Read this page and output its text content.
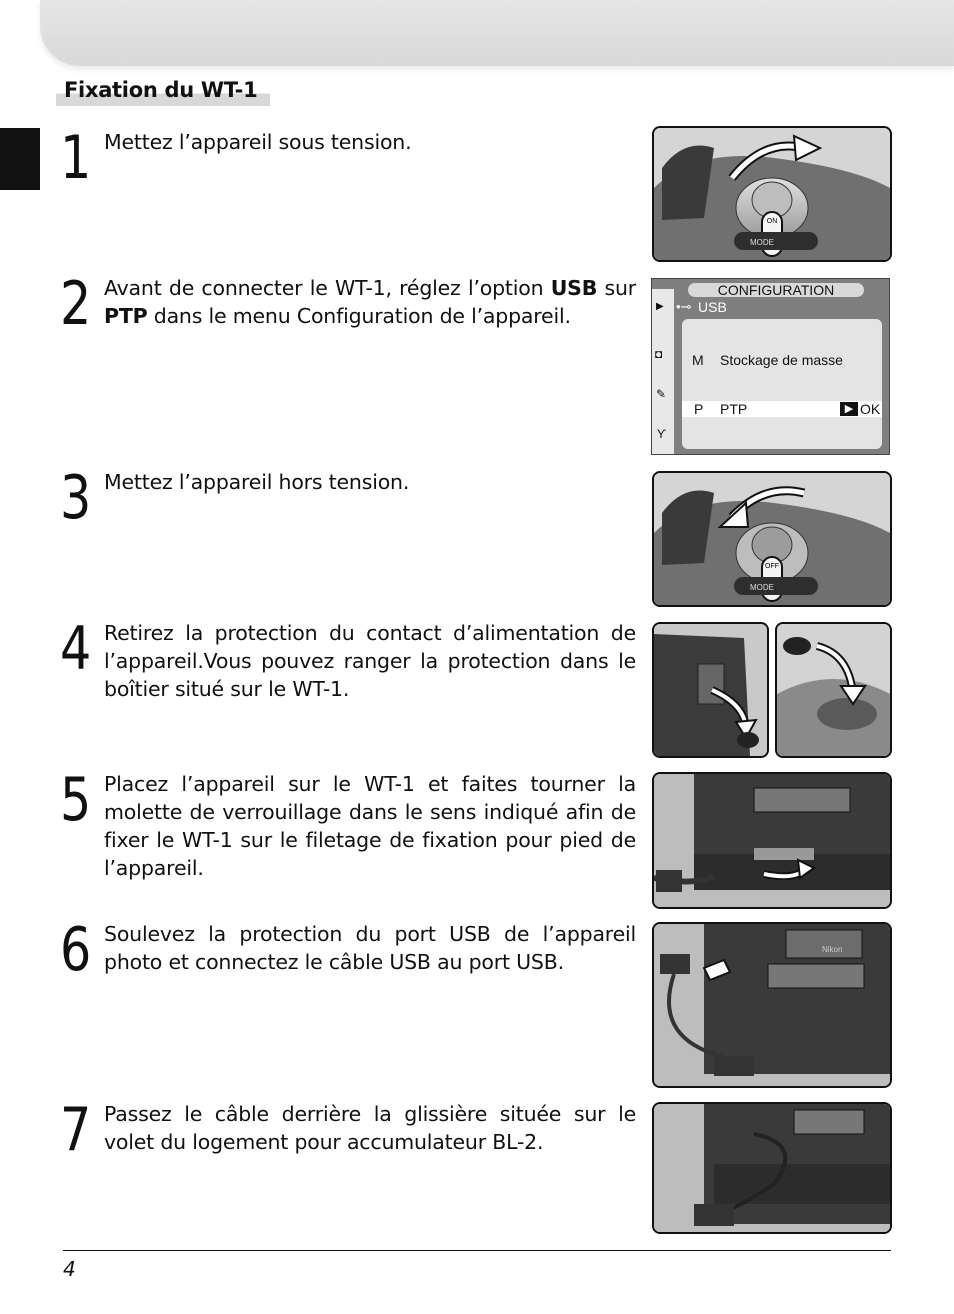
Fixation du WT-1
1 Mettez l’appareil sous tension.
ON
MODE
2 Avant de connecter le WT-1, réglez l’option USB sur PTP dans le menu Configuration de l’appareil.	▶
◘
✎
Ƴ
CONFIGURATION
•⊸ USB
M Stockage de masse
P PTP	▶ OK
3 Mettez l’appareil hors tension.
OFF
MODE
4 Retirez la protection du contact d’alimentation de l’appareil.Vous pouvez ranger la protection dans le boîtier situé sur le WT-1.
5 Placez l’appareil sur le WT-1 et faites tourner la molette de verrouillage dans le sens indiqué afin de fixer le WT-1 sur le filetage de fixation pour pied de l’appareil.
6 Soulevez la protection du port USB de l’appareil photo et connectez le câble USB au port USB.
Nikon
7 Passez le câble derrière la glissière située sur le volet du logement pour accumulateur BL-2.
4
